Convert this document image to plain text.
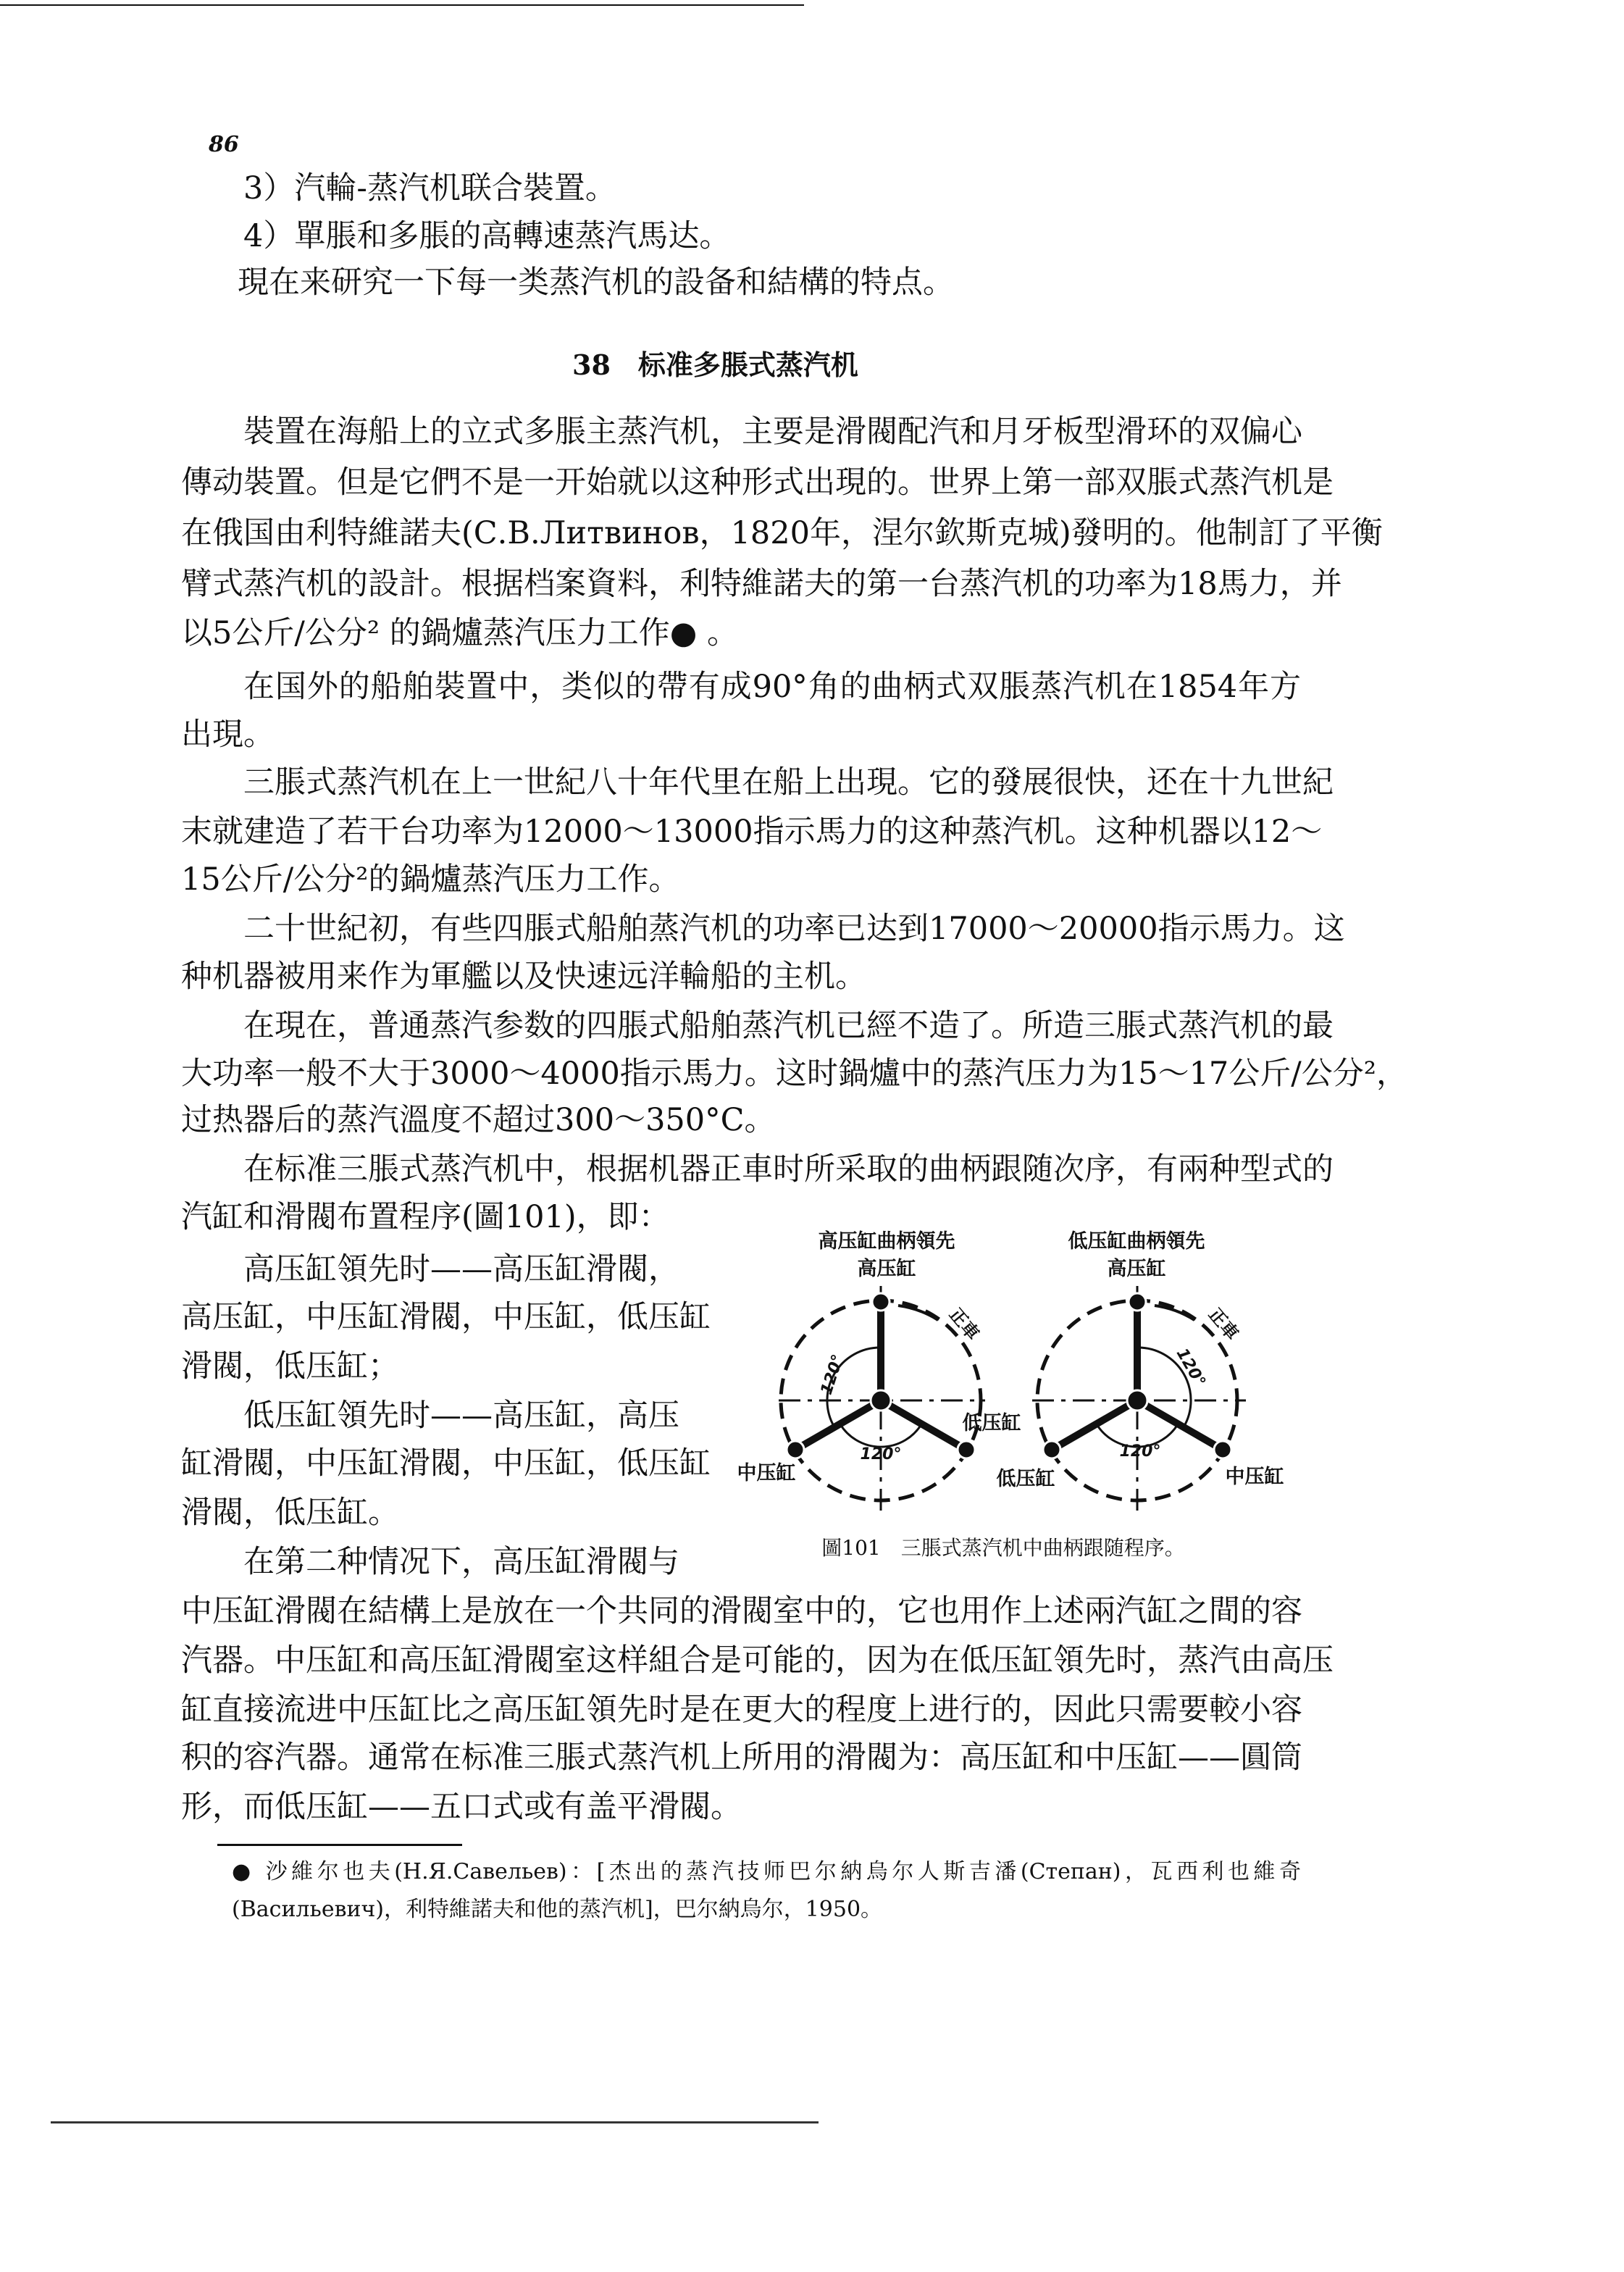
86
3）汽輪-蒸汽机联合裝置。
4）單脹和多脹的高轉速蒸汽馬达。
現在来研究一下每一类蒸汽机的設备和結構的特点。
38　标准多脹式蒸汽机
裝置在海船上的立式多脹主蒸汽机，主要是滑閥配汽和月牙板型滑环的双偏心
傳动裝置。但是它們不是一开始就以这种形式出現的。世界上第一部双脹式蒸汽机是
在俄国由利特維諾夫(С.В.Литвинов，1820年，涅尔欽斯克城)發明的。他制訂了平衡
臂式蒸汽机的設計。根据档案資料，利特維諾夫的第一台蒸汽机的功率为18馬力，并
以5公斤/公分² 的鍋爐蒸汽压力工作● 。
在国外的船舶裝置中，类似的帶有成90°角的曲柄式双脹蒸汽机在1854年方
出現。
三脹式蒸汽机在上一世紀八十年代里在船上出現。它的發展很快，还在十九世紀
末就建造了若干台功率为12000～13000指示馬力的这种蒸汽机。这种机器以12～
15公斤/公分²的鍋爐蒸汽压力工作。
二十世紀初，有些四脹式船舶蒸汽机的功率已达到17000～20000指示馬力。这
种机器被用来作为軍艦以及快速远洋輪船的主机。
在現在，普通蒸汽参数的四脹式船舶蒸汽机已經不造了。所造三脹式蒸汽机的最
大功率一般不大于3000～4000指示馬力。这时鍋爐中的蒸汽压力为15～17公斤/公分²，
过热器后的蒸汽溫度不超过300～350°C。
在标准三脹式蒸汽机中，根据机器正車时所采取的曲柄跟随次序，有兩种型式的
汽缸和滑閥布置程序(圖101)，即：
高压缸領先时——高压缸滑閥，
高压缸，中压缸滑閥，中压缸，低压缸
滑閥，低压缸；
低压缸領先时——高压缸，高压
缸滑閥，中压缸滑閥，中压缸，低压缸
滑閥，低压缸。
在第二种情况下，高压缸滑閥与
中压缸滑閥在結構上是放在一个共同的滑閥室中的，它也用作上述兩汽缸之間的容
汽器。中压缸和高压缸滑閥室这样組合是可能的，因为在低压缸領先时，蒸汽由高压
缸直接流进中压缸比之高压缸領先时是在更大的程度上进行的，因此只需要較小容
积的容汽器。通常在标准三脹式蒸汽机上所用的滑閥为：高压缸和中压缸——圓筒
形，而低压缸——五口式或有盖平滑閥。
● 沙維尔也夫(Н.Я.Савельев)：[杰出的蒸汽技师巴尔納烏尔人斯吉潘(Степан)，瓦西利也維奇
(Васильевич)，利特維諾夫和他的蒸汽机]，巴尔納烏尔，1950。
高压缸曲柄領先
高压缸
120°
120°
正車
中压缸
低压缸
低压缸曲柄領先
高压缸
120°
120°
正車
低压缸	中压缸
圖101　三脹式蒸汽机中曲柄跟随程序。
